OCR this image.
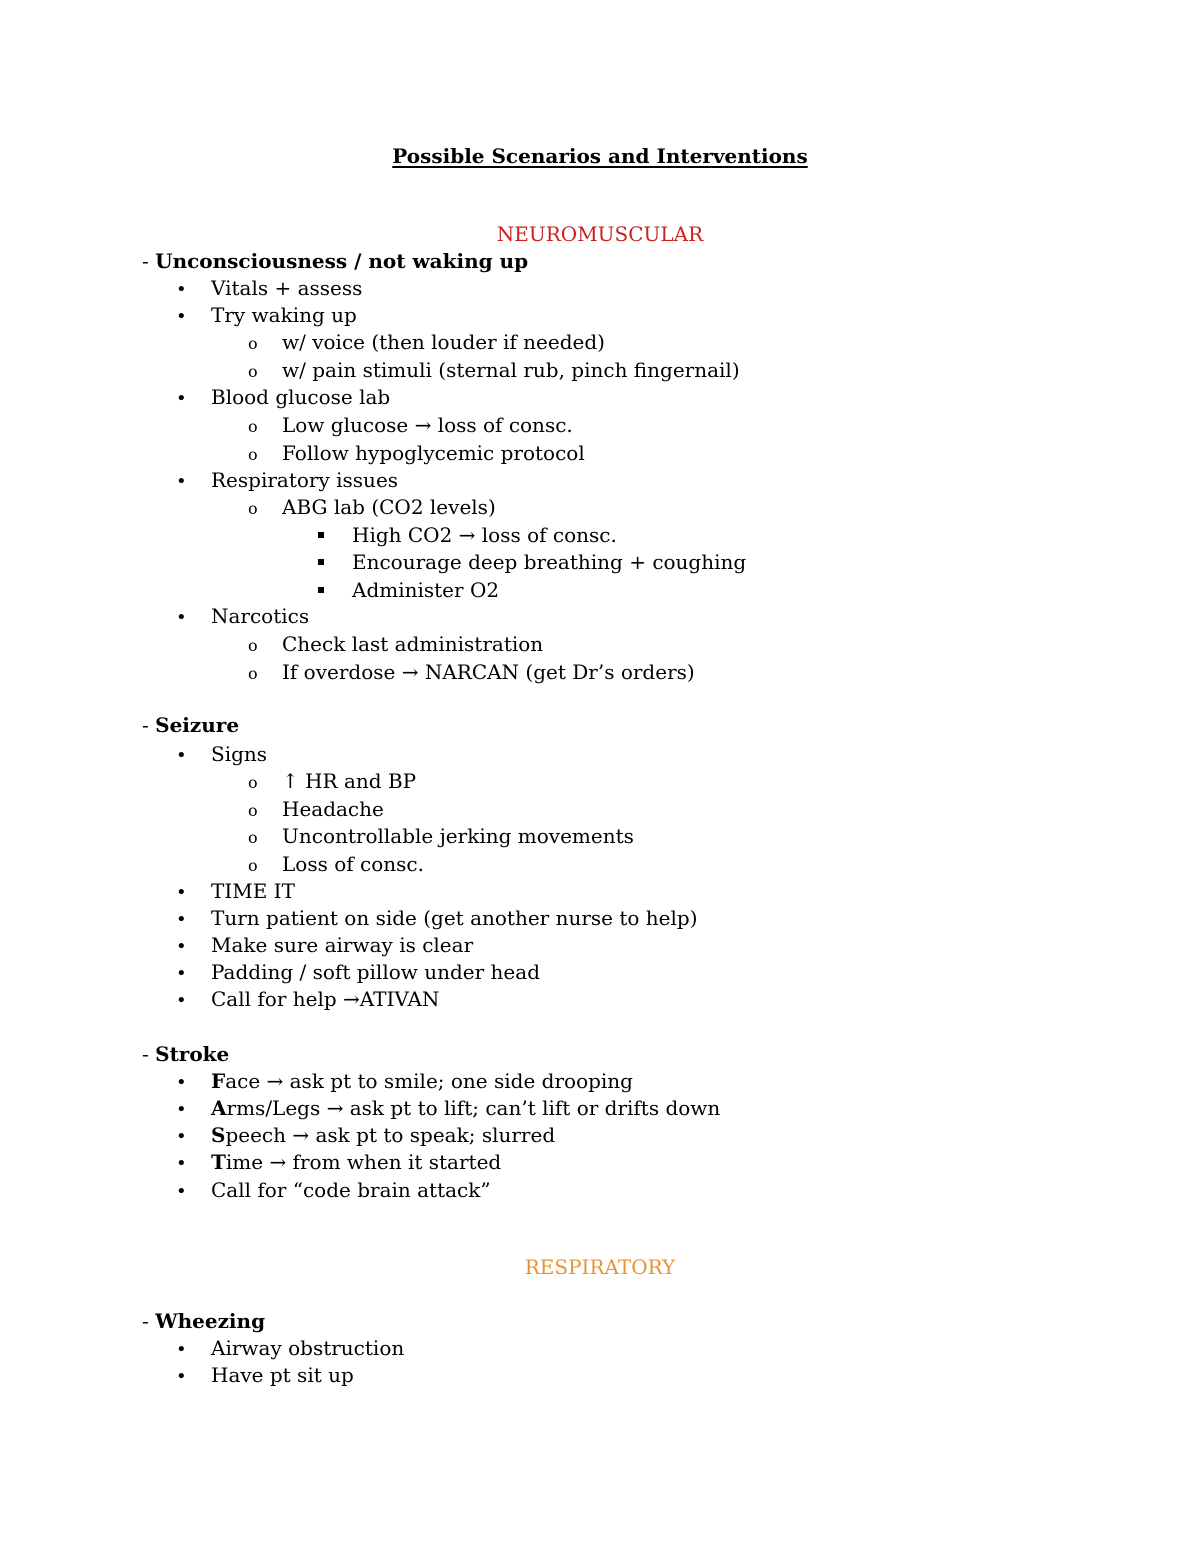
Possible Scenarios and Interventions
NEUROMUSCULAR
- Unconsciousness / not waking up
• Vitals + assess
• Try waking up
o w/ voice (then louder if needed)
o w/ pain stimuli (sternal rub, pinch fingernail)
• Blood glucose lab
o Low glucose → loss of consc.
o Follow hypoglycemic protocol
• Respiratory issues
o ABG lab (CO2 levels)
High CO2 → loss of consc.
Encourage deep breathing + coughing
Administer O2
• Narcotics
o Check last administration
o If overdose → NARCAN (get Dr’s orders)
- Seizure
• Signs
o ↑ HR and BP
o Headache
o Uncontrollable jerking movements
o Loss of consc.
• TIME IT
• Turn patient on side (get another nurse to help)
• Make sure airway is clear
• Padding / soft pillow under head
• Call for help →ATIVAN
- Stroke
• Face → ask pt to smile; one side drooping
• Arms/Legs → ask pt to lift; can’t lift or drifts down
• Speech → ask pt to speak; slurred
• Time → from when it started
• Call for “code brain attack”
RESPIRATORY
- Wheezing
• Airway obstruction
• Have pt sit up
